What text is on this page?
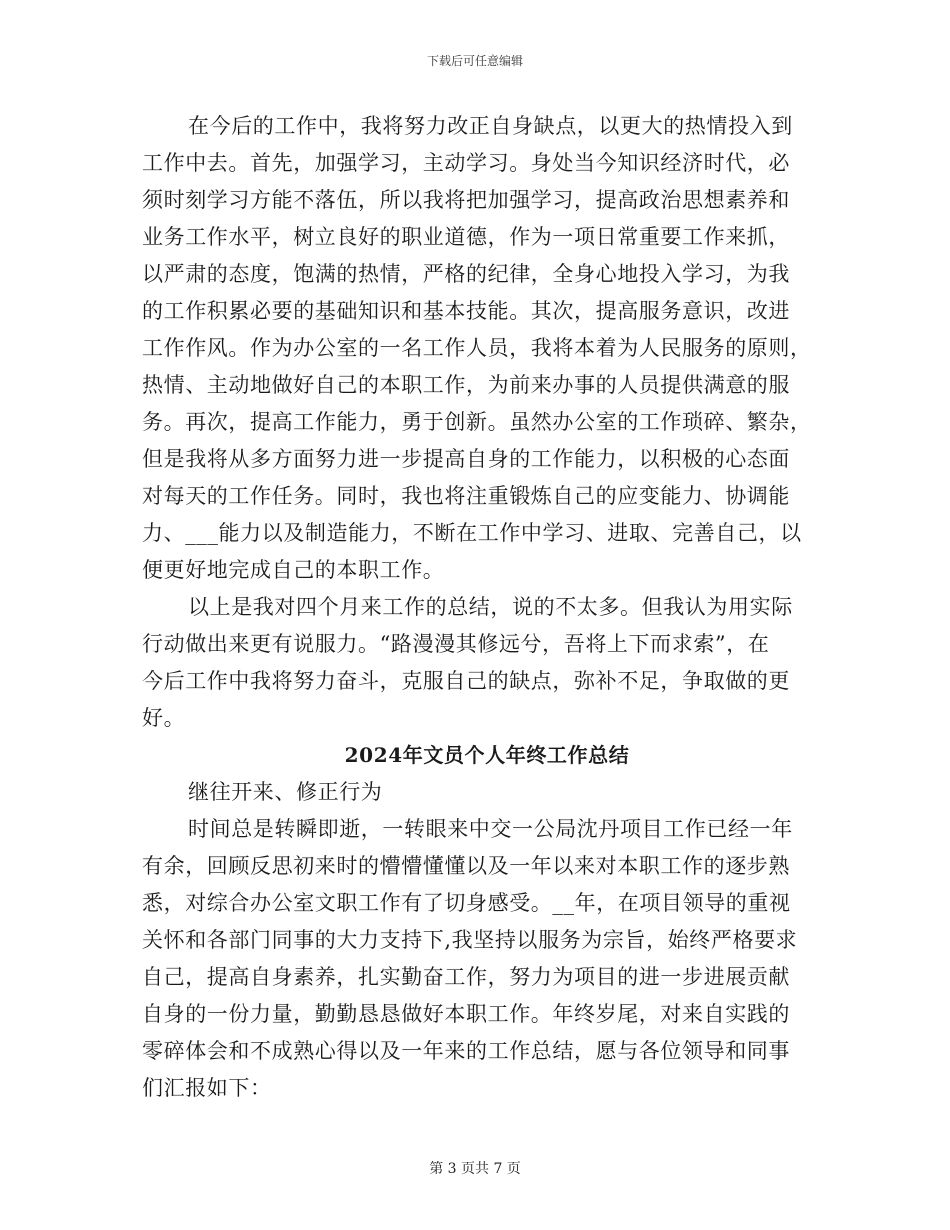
下载后可任意编辑
在今后的工作中，我将努力改正自身缺点，以更大的热情投入到
工作中去。首先，加强学习，主动学习。身处当今知识经济时代，必
须时刻学习方能不落伍，所以我将把加强学习，提高政治思想素养和
业务工作水平，树立良好的职业道德，作为一项日常重要工作来抓，
以严肃的态度，饱满的热情，严格的纪律，全身心地投入学习，为我
的工作积累必要的基础知识和基本技能。其次，提高服务意识，改进
工作作风。作为办公室的一名工作人员，我将本着为人民服务的原则，
热情、主动地做好自己的本职工作，为前来办事的人员提供满意的服
务。再次，提高工作能力，勇于创新。虽然办公室的工作琐碎、繁杂，
但是我将从多方面努力进一步提高自身的工作能力，以积极的心态面
对每天的工作任务。同时，我也将注重锻炼自己的应变能力、协调能
力、___能力以及制造能力，不断在工作中学习、进取、完善自己，以
便更好地完成自己的本职工作。
以上是我对四个月来工作的总结，说的不太多。但我认为用实际
行动做出来更有说服力。“路漫漫其修远兮，吾将上下而求索”，在
今后工作中我将努力奋斗，克服自己的缺点，弥补不足，争取做的更
好。
2024年文员个人年终工作总结
继往开来、修正行为
时间总是转瞬即逝，一转眼来中交一公局沈丹项目工作已经一年
有余，回顾反思初来时的懵懵懂懂以及一年以来对本职工作的逐步熟
悉，对综合办公室文职工作有了切身感受。__年，在项目领导的重视
关怀和各部门同事的大力支持下,我坚持以服务为宗旨，始终严格要求
自己，提高自身素养，扎实勤奋工作，努力为项目的进一步进展贡献
自身的一份力量，勤勤恳恳做好本职工作。年终岁尾，对来自实践的
零碎体会和不成熟心得以及一年来的工作总结，愿与各位领导和同事
们汇报如下：
第 3 页共 7 页
